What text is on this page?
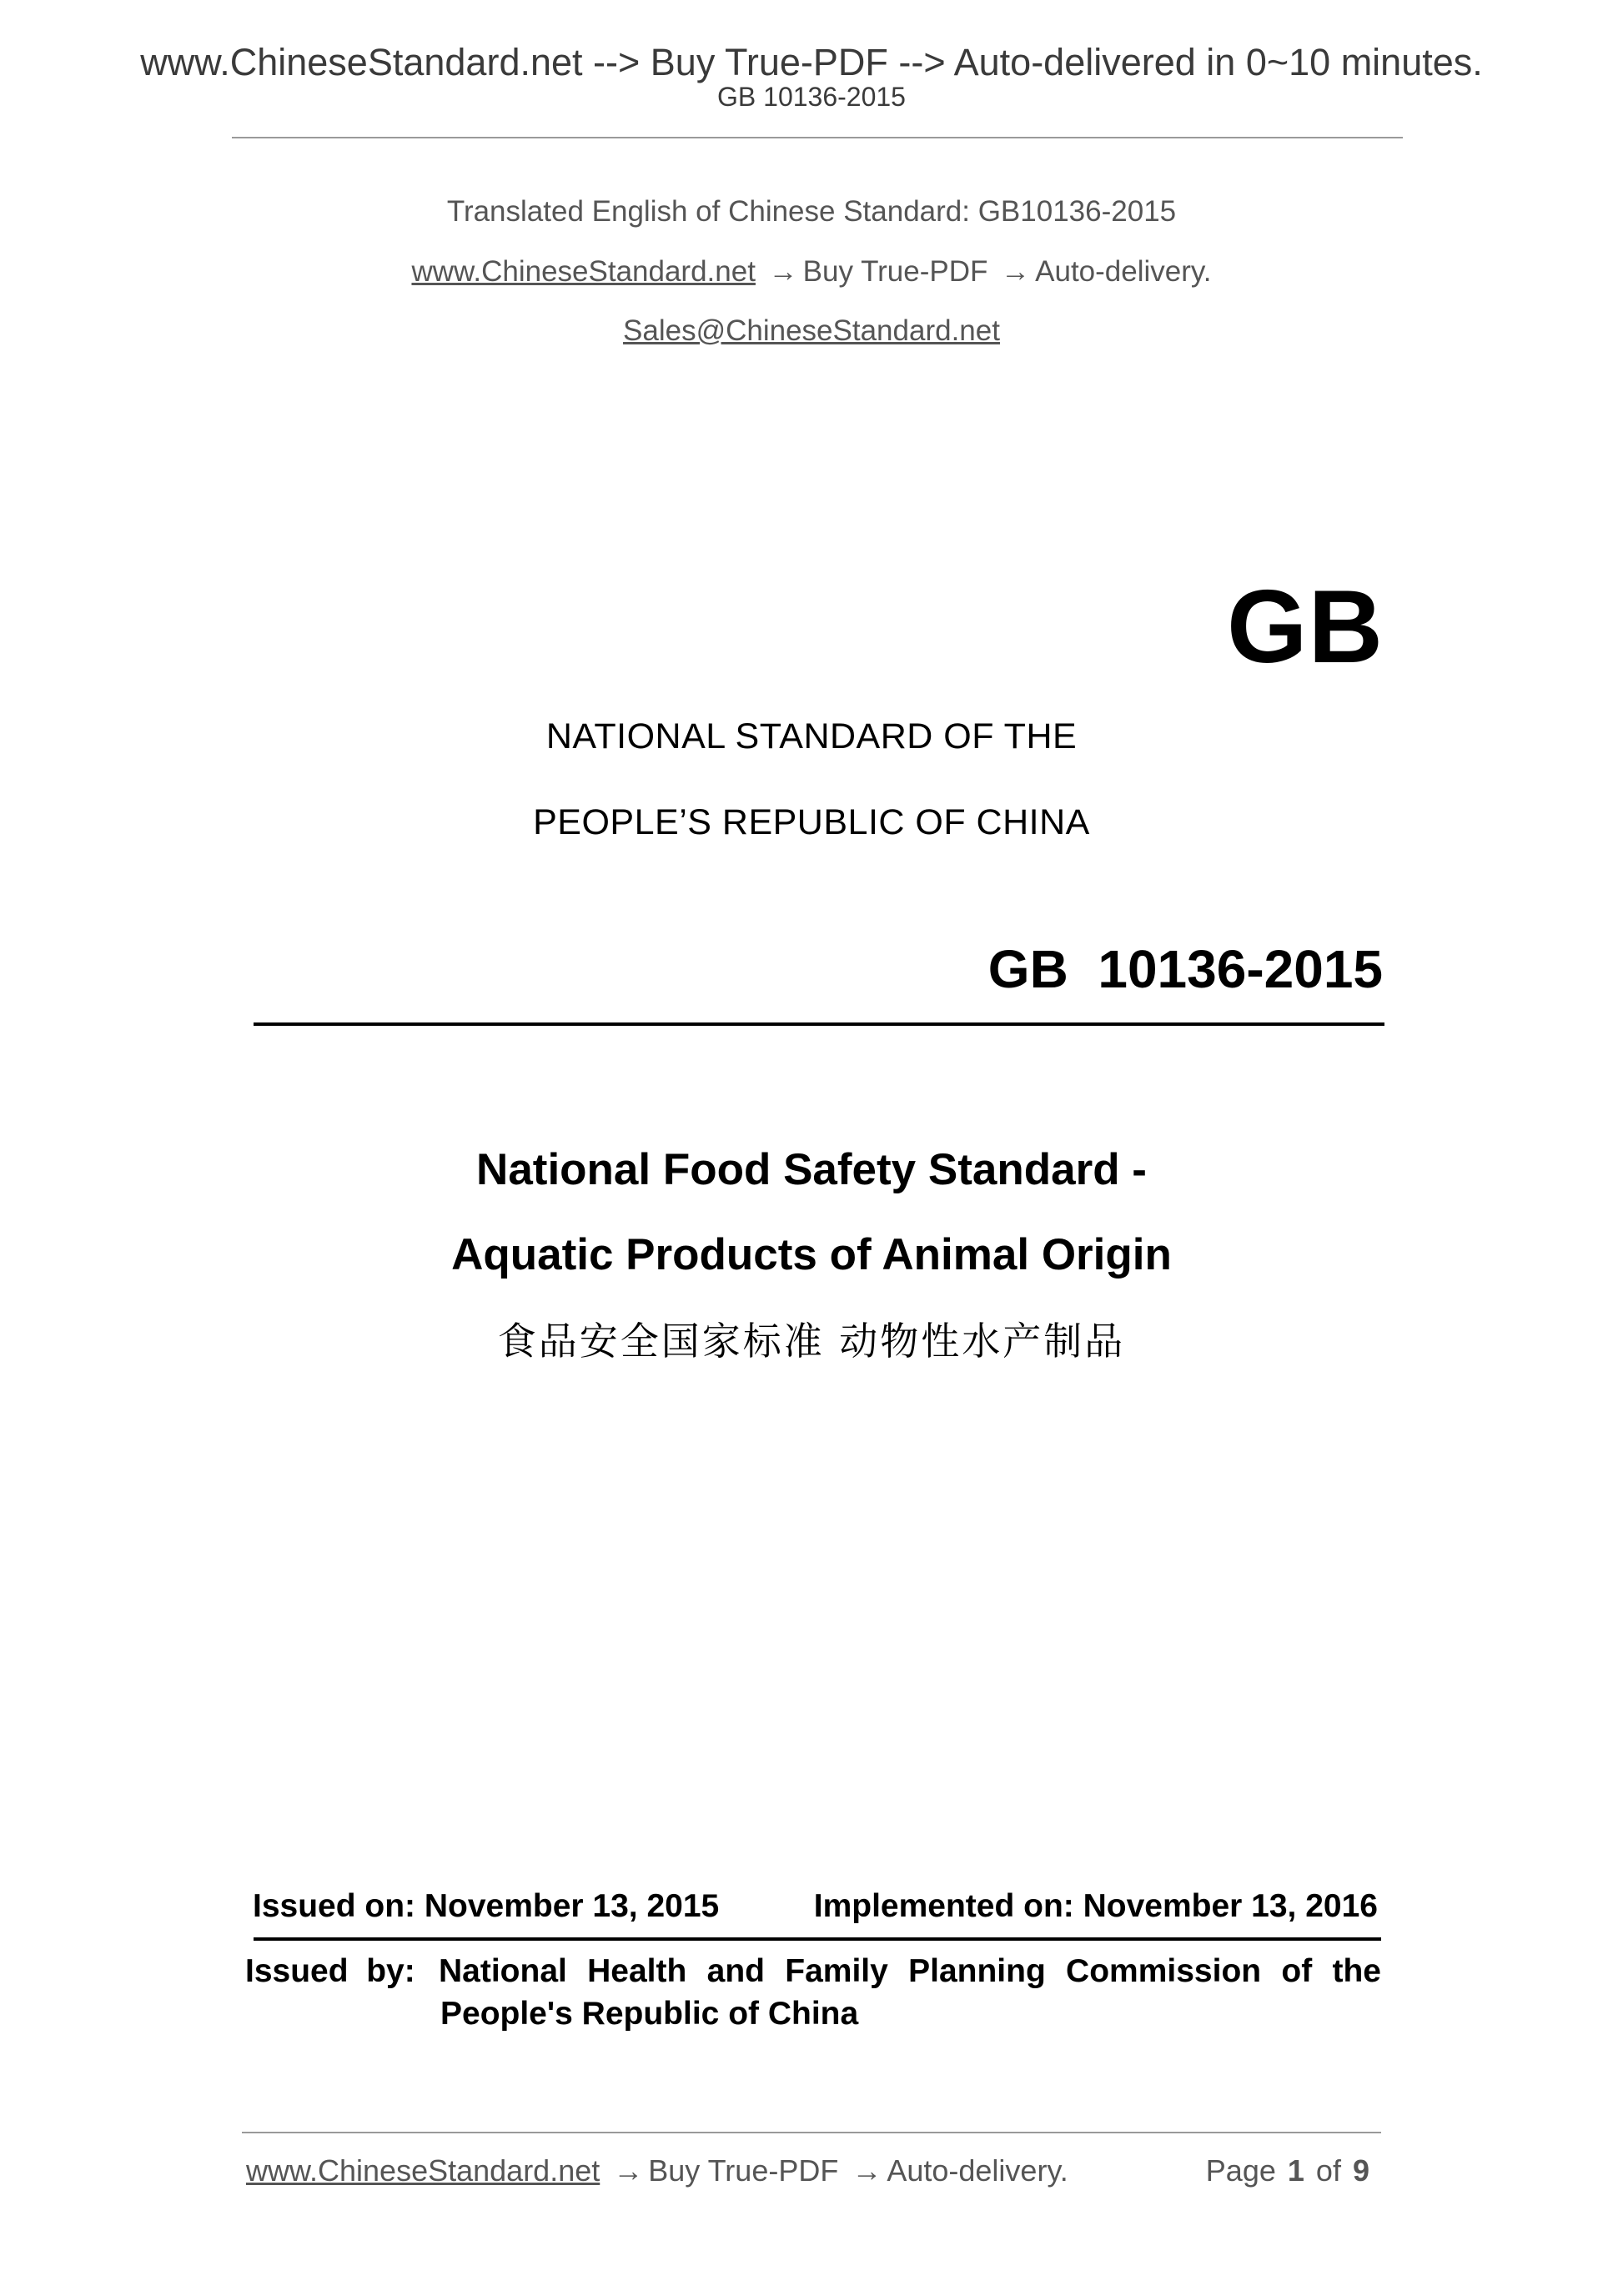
www.ChineseStandard.net --> Buy True-PDF --> Auto-delivered in 0~10 minutes.
GB 10136-2015
Translated English of Chinese Standard: GB10136-2015
www.ChineseStandard.net → Buy True-PDF → Auto-delivery.
Sales@ChineseStandard.net
GB
NATIONAL STANDARD OF THE
PEOPLE’S REPUBLIC OF CHINA
GB  10136-2015
National Food Safety Standard -
Aquatic Products of Animal Origin
食品安全国家标准 动物性水产制品
Issued on: November 13, 2015	Implemented on: November 13, 2016
Issued  by: National Health and Family Planning Commission of the
People's Republic of China
www.ChineseStandard.net → Buy True-PDF → Auto-delivery.	Page 1 of 9
